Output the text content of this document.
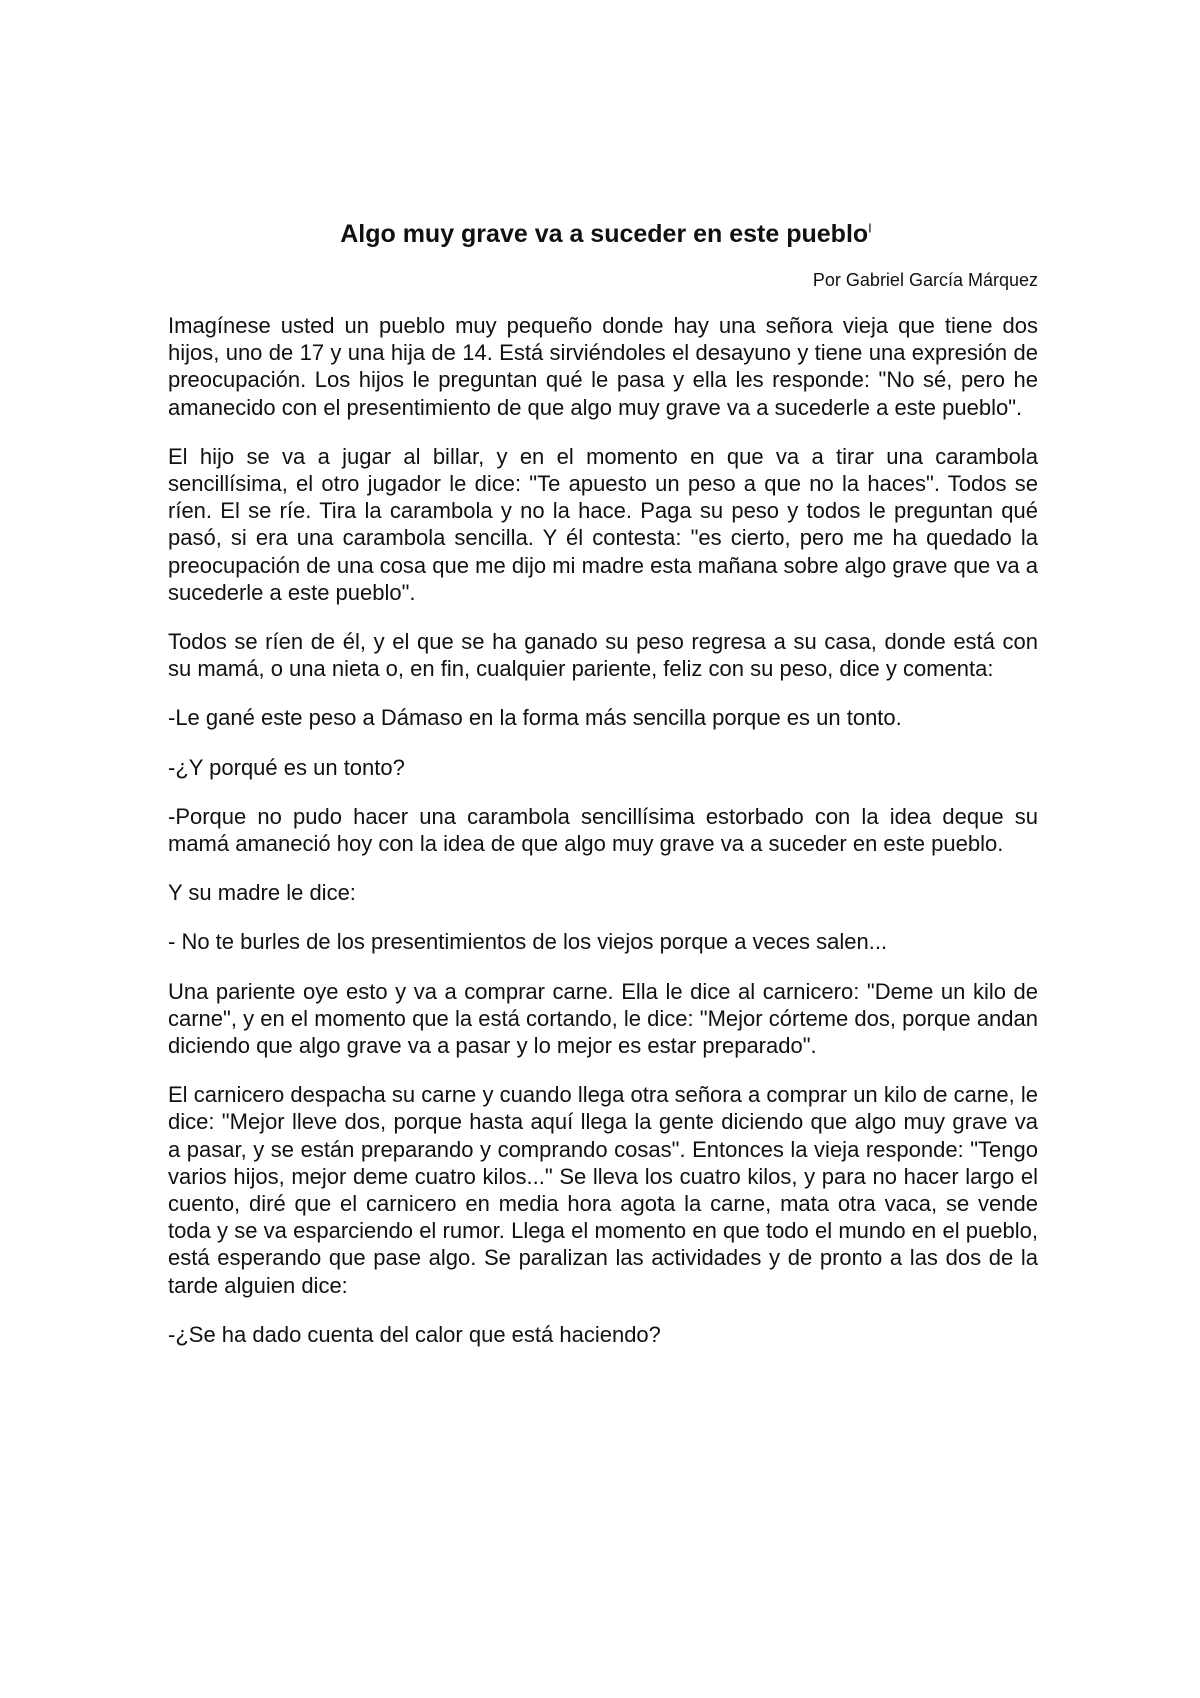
Algo muy grave va a suceder en este pueblo$^I$

Por Gabriel García Márquez

Imagínese usted un pueblo muy pequeño donde hay una señora vieja que tiene dos hijos, uno de 17 y una hija de 14. Está sirviéndoles el desayuno y tiene una expresión de preocupación. Los hijos le preguntan qué le pasa y ella les responde: "No sé, pero he amanecido con el presentimiento de que algo muy grave va a sucederle a este pueblo".

El hijo se va a jugar al billar, y en el momento en que va a tirar una carambola sencillísima, el otro jugador le dice: "Te apuesto un peso a que no la haces". Todos se ríen. El se ríe. Tira la carambola y no la hace. Paga su peso y todos le preguntan qué pasó, si era una carambola sencilla. Y él contesta: "es cierto, pero me ha quedado la preocupación de una cosa que me dijo mi madre esta mañana sobre algo grave que va a sucederle a este pueblo".

Todos se ríen de él, y el que se ha ganado su peso regresa a su casa, donde está con su mamá, o una nieta o, en fin, cualquier pariente, feliz con su peso, dice y comenta:

-Le gané este peso a Dámaso en la forma más sencilla porque es un tonto.

-¿Y porqué es un tonto?

-Porque no pudo hacer una carambola sencillísima estorbado con la idea deque su mamá amaneció hoy con la idea de que algo muy grave va a suceder en este pueblo.

Y su madre le dice:

- No te burles de los presentimientos de los viejos porque a veces salen...

Una pariente oye esto y va a comprar carne. Ella le dice al carnicero: "Deme un kilo de carne", y en el momento que la está cortando, le dice: "Mejor córteme dos, porque andan diciendo que algo grave va a pasar y lo mejor es estar preparado".

El carnicero despacha su carne y cuando llega otra señora a comprar un kilo de carne, le dice: "Mejor lleve dos, porque hasta aquí llega la gente diciendo que algo muy grave va a pasar, y se están preparando y comprando cosas". Entonces la vieja responde: "Tengo varios hijos, mejor deme cuatro kilos..." Se lleva los cuatro kilos, y para no hacer largo el cuento, diré que el carnicero en media hora agota la carne, mata otra vaca, se vende toda y se va esparciendo el rumor. Llega el momento en que todo el mundo en el pueblo, está esperando que pase algo. Se paralizan las actividades y de pronto a las dos de la tarde alguien dice:

-¿Se ha dado cuenta del calor que está haciendo?
